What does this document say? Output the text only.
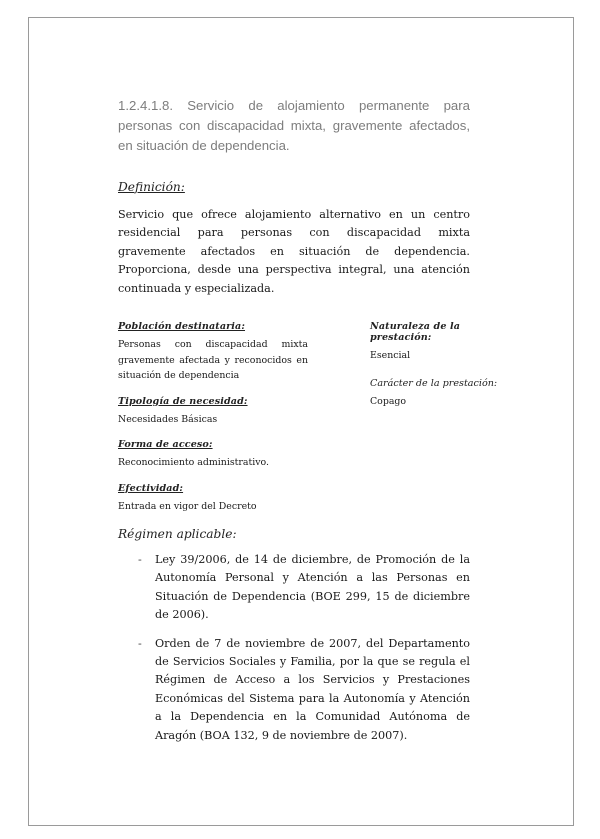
1.2.4.1.8. Servicio de alojamiento permanente para personas con discapacidad mixta, gravemente afectados, en situación de dependencia.

Definición:

Servicio que ofrece alojamiento alternativo en un centro residencial para personas con discapacidad mixta gravemente afectados en situación de dependencia. Proporciona, desde una perspectiva integral, una atención continuada y especializada.

Población destinataria:

Personas con discapacidad mixta gravemente afectada y reconocidos en situación de dependencia

Tipología de necesidad:

Necesidades Básicas

Forma de acceso:

Reconocimiento administrativo.

Efectividad:

Entrada en vigor del Decreto

Naturaleza de la prestación:

Esencial

Carácter de la prestación:

Copago

Régimen aplicable:

- Ley 39/2006, de 14 de diciembre, de Promoción de la Autonomía Personal y Atención a las Personas en Situación de Dependencia (BOE 299, 15 de diciembre de 2006).
- Orden de 7 de noviembre de 2007, del Departamento de Servicios Sociales y Familia, por la que se regula el Régimen de Acceso a los Servicios y Prestaciones Económicas del Sistema para la Autonomía y Atención a la Dependencia en la Comunidad Autónoma de Aragón (BOA 132, 9 de noviembre de 2007).
